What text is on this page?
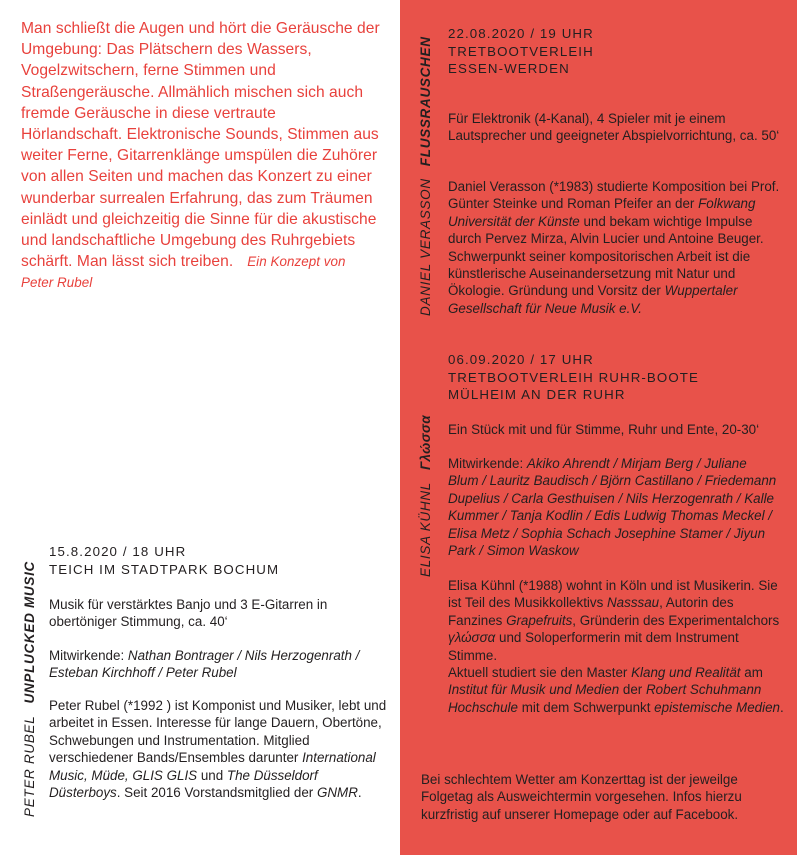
Man schließt die Augen und hört die Geräusche der Umgebung: Das Plätschern des Wassers, Vogelzwitschern, ferne Stimmen und Straßengeräusche. Allmählich mischen sich auch fremde Geräusche in diese vertraute Hörlandschaft. Elektronische Sounds, Stimmen aus weiter Ferne, Gitarrenklänge umspülen die Zuhörer von allen Seiten und machen das Konzert zu einer wunderbar surrealen Erfahrung, das zum Träumen einlädt und gleichzeitig die Sinne für die akustische und landschaftliche Umgebung des Ruhrgebiets schärft. Man lässt sich treiben. Ein Konzept von Peter Rubel

PETER RUBELUNPLUCKED MUSIC
15.8.2020 / 18 UHR
TEICH IM STADTPARK BOCHUM

Musik für verstärktes Banjo und 3 E-Gitarren in obertöniger Stimmung, ca. 40‘

Mitwirkende: Nathan Bontrager / Nils Herzogenrath / Esteban Kirchhoff / Peter Rubel

Peter Rubel (*1992 ) ist Komponist und Musiker, lebt und arbeitet in Essen. Interesse für lange Dauern, Obertöne, Schwebungen und Instrumentation. Mitglied verschiedener Bands/Ensembles darunter International Music, Müde, GLIS GLIS und The Düsseldorf Düsterboys. Seit 2016 Vorstandsmitglied der GNMR.

DANIEL VERASSONFLUSSRAUSCHEN
22.08.2020 / 19 UHR
TRETBOOTVERLEIH
ESSEN-WERDEN

Für Elektronik (4-Kanal), 4 Spieler mit je einem Lautsprecher und geeigneter Abspielvorrichtung, ca. 50‘

Daniel Verasson (*1983) studierte Komposition bei Prof. Günter Steinke und Roman Pfeifer an der Folkwang Universität der Künste und bekam wichtige Impulse durch Pervez Mirza, Alvin Lucier und Antoine Beuger. Schwerpunkt seiner kompositorischen Arbeit ist die künstlerische Auseinandersetzung mit Natur und Ökologie. Gründung und Vorsitz der Wuppertaler Gesellschaft für Neue Musik e.V.

ELISA KÜHNLΓλώσσα
06.09.2020 / 17 UHR
TRETBOOTVERLEIH RUHR-BOOTE
MÜLHEIM AN DER RUHR

Ein Stück mit und für Stimme, Ruhr und Ente, 20-30‘

Mitwirkende: Akiko Ahrendt / Mirjam Berg / Juliane Blum / Lauritz Baudisch / Björn Castillano / Friedemann Dupelius / Carla Gesthuisen / Nils Herzogenrath / Kalle Kummer / Tanja Kodlin / Edis Ludwig Thomas Meckel / Elisa Metz / Sophia Schach Josephine Stamer / Jiyun Park / Simon Waskow

Elisa Kühnl (*1988) wohnt in Köln und ist Musikerin. Sie ist Teil des Musikkollektivs Nasssau, Autorin des Fanzines Grapefruits, Gründerin des Experimentalchors γλώσσα und Soloperformerin mit dem Instrument Stimme.
Aktuell studiert sie den Master Klang und Realität am Institut für Musik und Medien der Robert Schuhmann Hochschule mit dem Schwerpunkt epistemische Medien.

Bei schlechtem Wetter am Konzerttag ist der jeweilge Folgetag als Ausweichtermin vorgesehen. Infos hierzu kurzfristig auf unserer Homepage oder auf Facebook.
